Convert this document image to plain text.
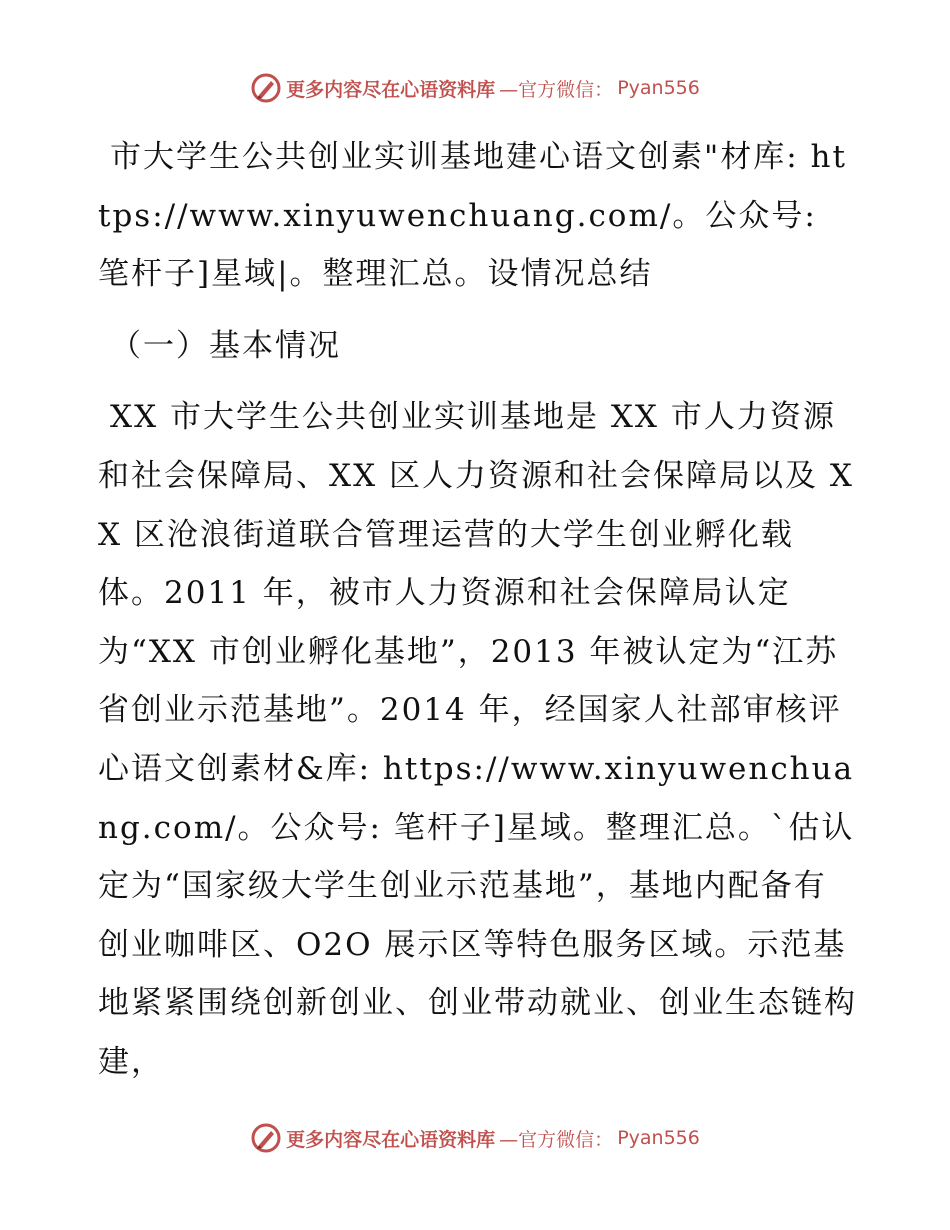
更多内容尽在心语资料库 —官方微信： Pyan556

市大学生公共创业实训基地建心语文创素"材库: https://www.xinyuwenchuang.com/。公众号: 笔杆子]星域|。整理汇总。设情况总结

（一）基本情况

XX 市大学生公共创业实训基地是 XX 市人力资源和社会保障局、XX 区人力资源和社会保障局以及 XX 区沧浪街道联合管理运营的大学生创业孵化载体。2011 年，被市人力资源和社会保障局认定为“XX 市创业孵化基地”，2013 年被认定为“江苏省创业示范基地”。2014 年，经国家人社部审核评心语文创素材&库: https://www.xinyuwenchuang.com/。公众号: 笔杆子]星域。整理汇总。`估认定为“国家级大学生创业示范基地”，基地内配备有创业咖啡区、O2O 展示区等特色服务区域。示范基地紧紧围绕创新创业、创业带动就业、创业生态链构建，

更多内容尽在心语资料库 —官方微信： Pyan556
